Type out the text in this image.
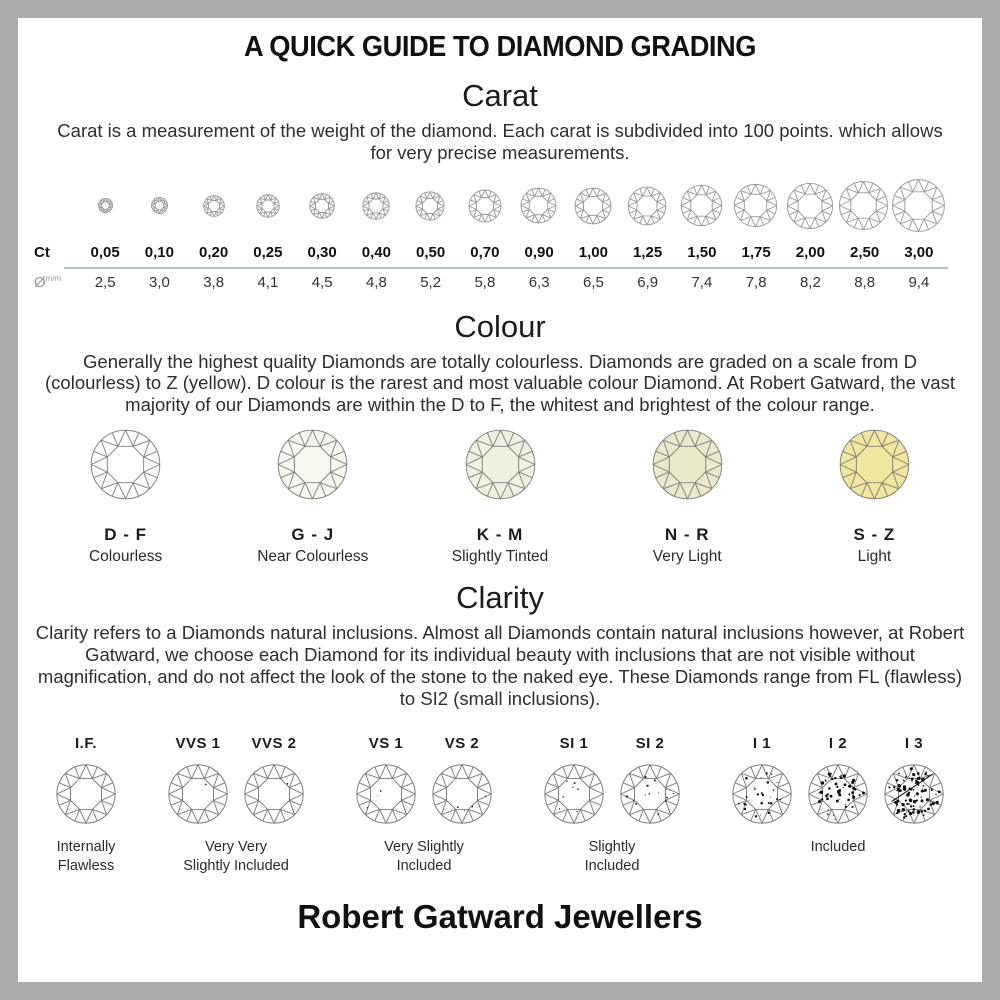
A QUICK GUIDE TO DIAMOND GRADING
Carat

Carat is a measurement of the weight of the diamond. Each carat is subdivided into 100 points. which allows for very precise measurements.

Ct	0,05	0,10	0,20	0,25	0,30	0,40	0,50	0,70	0,90	1,00	1,25	1,50	1,75	2,00	2,50	3,00
$Ø^{m/m}$	2,5	3,0	3,8	4,1	4,5	4,8	5,2	5,8	6,3	6,5	6,9	7,4	7,8	8,2	8,8	9,4
Colour

Generally the highest quality Diamonds are totally colourless. Diamonds are graded on a scale from D (colourless) to Z (yellow). D colour is the rarest and most valuable colour Diamond. At Robert Gatward, the vast majority of our Diamonds are within the D to F, the whitest and brightest of the colour range.

D - F
Colourless
G - J
Near Colourless
K - M
Slightly Tinted
N - R
Very Light
S - Z
Light
Clarity

Clarity refers to a Diamonds natural inclusions. Almost all Diamonds contain natural inclusions however, at Robert Gatward, we choose each Diamond for its individual beauty with inclusions that are not visible without magnification, and do not affect the look of the stone to the naked eye. These Diamonds range from FL (flawless) to SI2 (small inclusions).

I.F.
Internally
Flawless
VVS 1 VVS 2
Very Very
Slightly Included
VS 1	VS 2
Very Slightly
Included
SI 1	SI 2
Slightly
Included
I 1	I 2	I 3
Included
Robert Gatward Jewellers
